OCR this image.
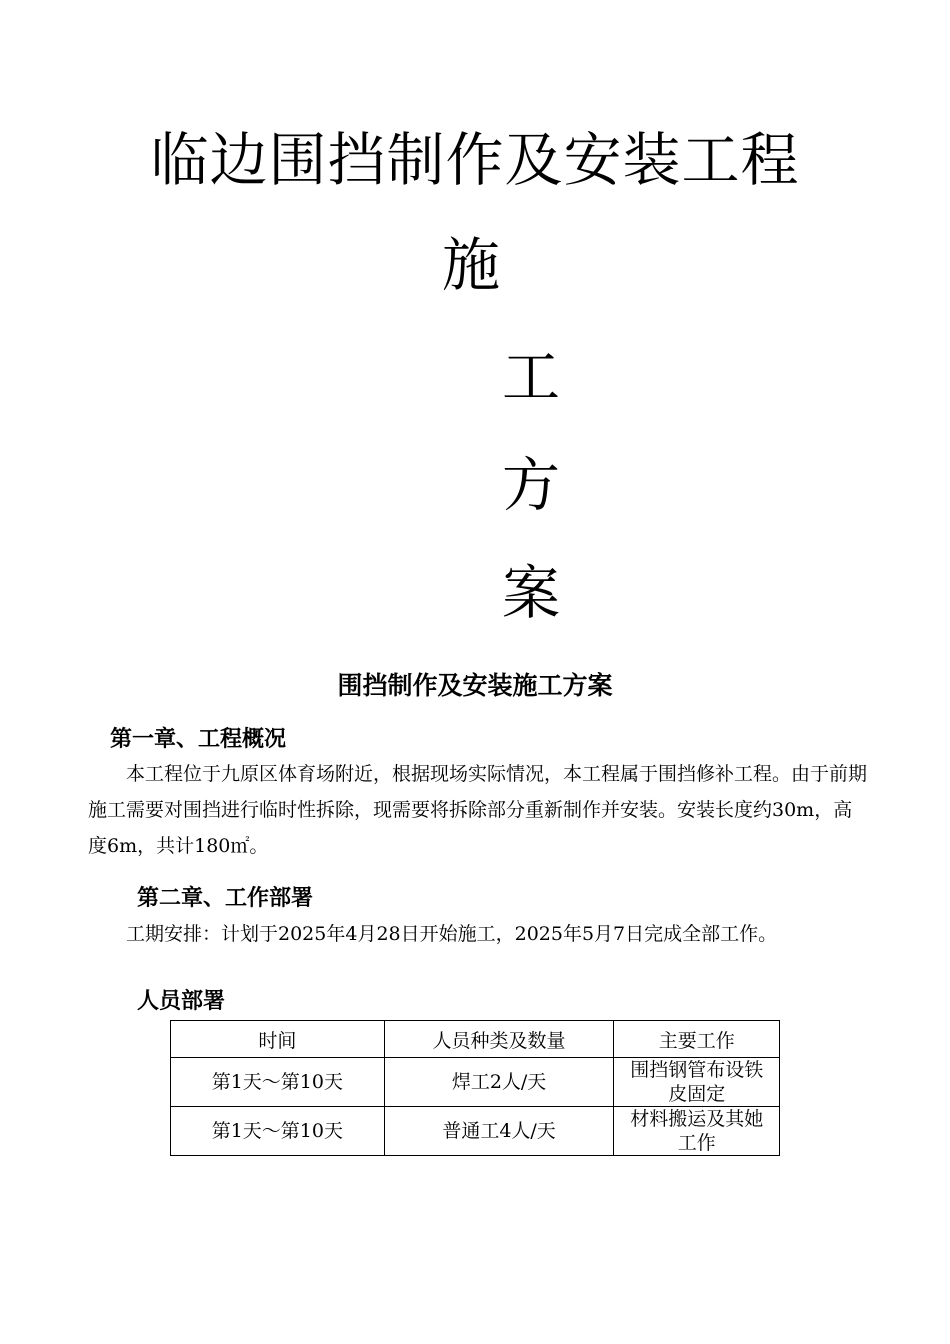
临边围挡制作及安装工程
施
工
方
案
围挡制作及安装施工方案
第一章、工程概况
本工程位于九原区体育场附近，根据现场实际情况，本工程属于围挡修补工程。由于前期施工需要对围挡进行临时性拆除，现需要将拆除部分重新制作并安装。安装长度约30m，高度6m，共计180㎡。
第二章、工作部署
工期安排：计划于2025年4月28日开始施工，2025年5月7日完成全部工作。
人员部署
时间	人员种类及数量	主要工作
第1天～第10天	焊工2人/天	围挡钢管布设铁皮固定
第1天～第10天	普通工4人/天	材料搬运及其她工作
